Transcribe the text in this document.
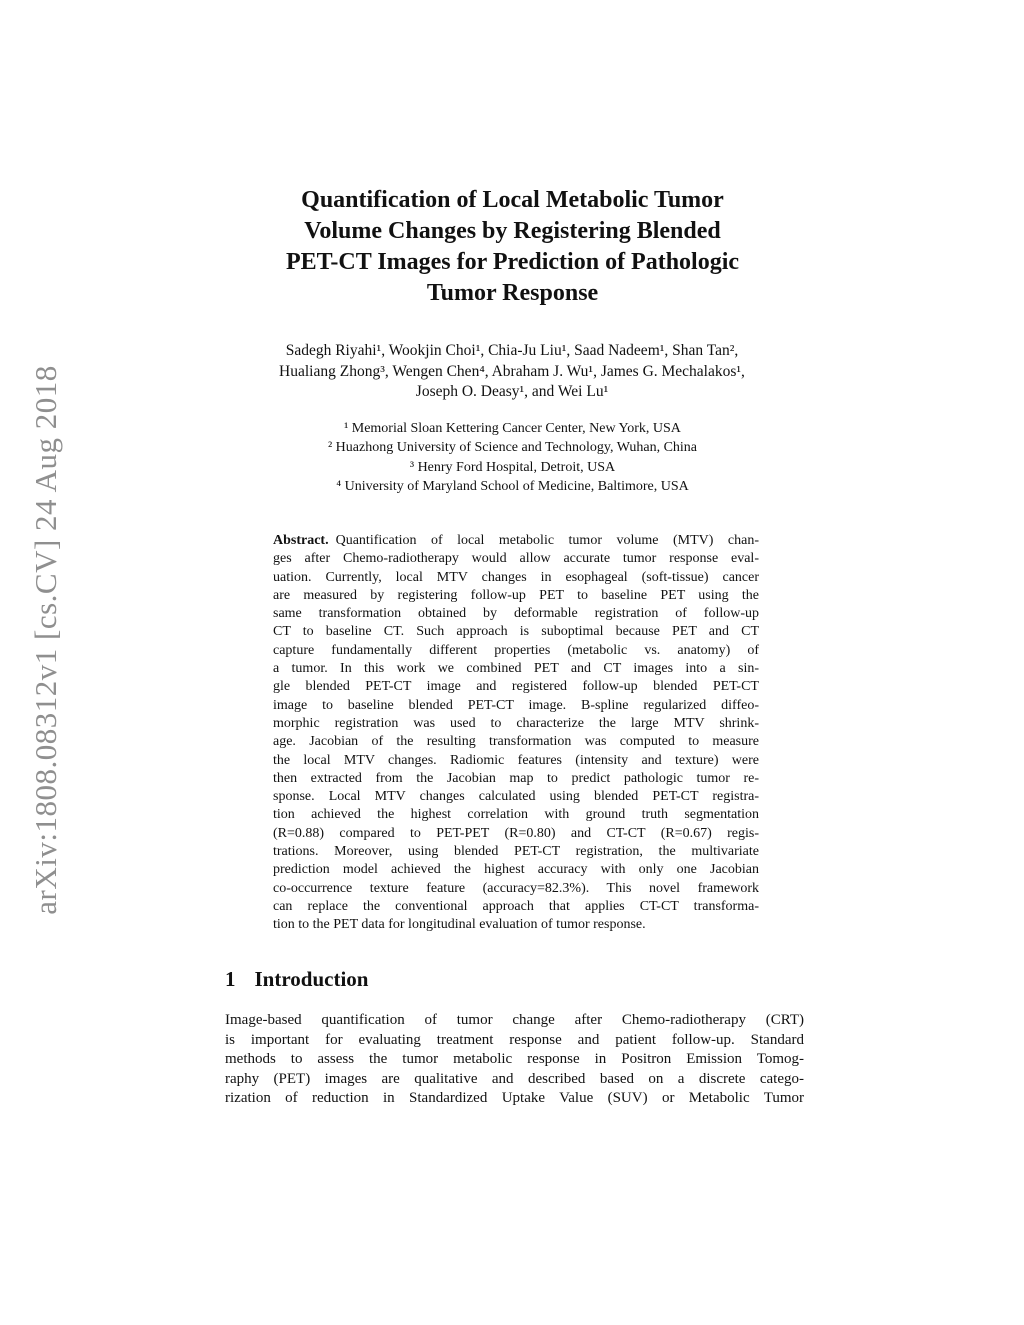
arXiv:1808.08312v1 [cs.CV] 24 Aug 2018
Quantification of Local Metabolic Tumor
Volume Changes by Registering Blended
PET-CT Images for Prediction of Pathologic
Tumor Response
Sadegh Riyahi¹, Wookjin Choi¹, Chia-Ju Liu¹, Saad Nadeem¹, Shan Tan²,
Hualiang Zhong³, Wengen Chen⁴, Abraham J. Wu¹, James G. Mechalakos¹,
Joseph O. Deasy¹, and Wei Lu¹
¹ Memorial Sloan Kettering Cancer Center, New York, USA
² Huazhong University of Science and Technology, Wuhan, China
³ Henry Ford Hospital, Detroit, USA
⁴ University of Maryland School of Medicine, Baltimore, USA
Abstract. Quantification of local metabolic tumor volume (MTV) chan-
ges after Chemo-radiotherapy would allow accurate tumor response eval-
uation. Currently, local MTV changes in esophageal (soft-tissue) cancer
are measured by registering follow-up PET to baseline PET using the
same transformation obtained by deformable registration of follow-up
CT to baseline CT. Such approach is suboptimal because PET and CT
capture fundamentally different properties (metabolic vs. anatomy) of
a tumor. In this work we combined PET and CT images into a sin-
gle blended PET-CT image and registered follow-up blended PET-CT
image to baseline blended PET-CT image. B-spline regularized diffeo-
morphic registration was used to characterize the large MTV shrink-
age. Jacobian of the resulting transformation was computed to measure
the local MTV changes. Radiomic features (intensity and texture) were
then extracted from the Jacobian map to predict pathologic tumor re-
sponse. Local MTV changes calculated using blended PET-CT registra-
tion achieved the highest correlation with ground truth segmentation
(R=0.88) compared to PET-PET (R=0.80) and CT-CT (R=0.67) regis-
trations. Moreover, using blended PET-CT registration, the multivariate
prediction model achieved the highest accuracy with only one Jacobian
co-occurrence texture feature (accuracy=82.3%). This novel framework
can replace the conventional approach that applies CT-CT transforma-
tion to the PET data for longitudinal evaluation of tumor response.
1 Introduction
Image-based quantification of tumor change after Chemo-radiotherapy (CRT)
is important for evaluating treatment response and patient follow-up. Standard
methods to assess the tumor metabolic response in Positron Emission Tomog-
raphy (PET) images are qualitative and described based on a discrete catego-
rization of reduction in Standardized Uptake Value (SUV) or Metabolic Tumor
